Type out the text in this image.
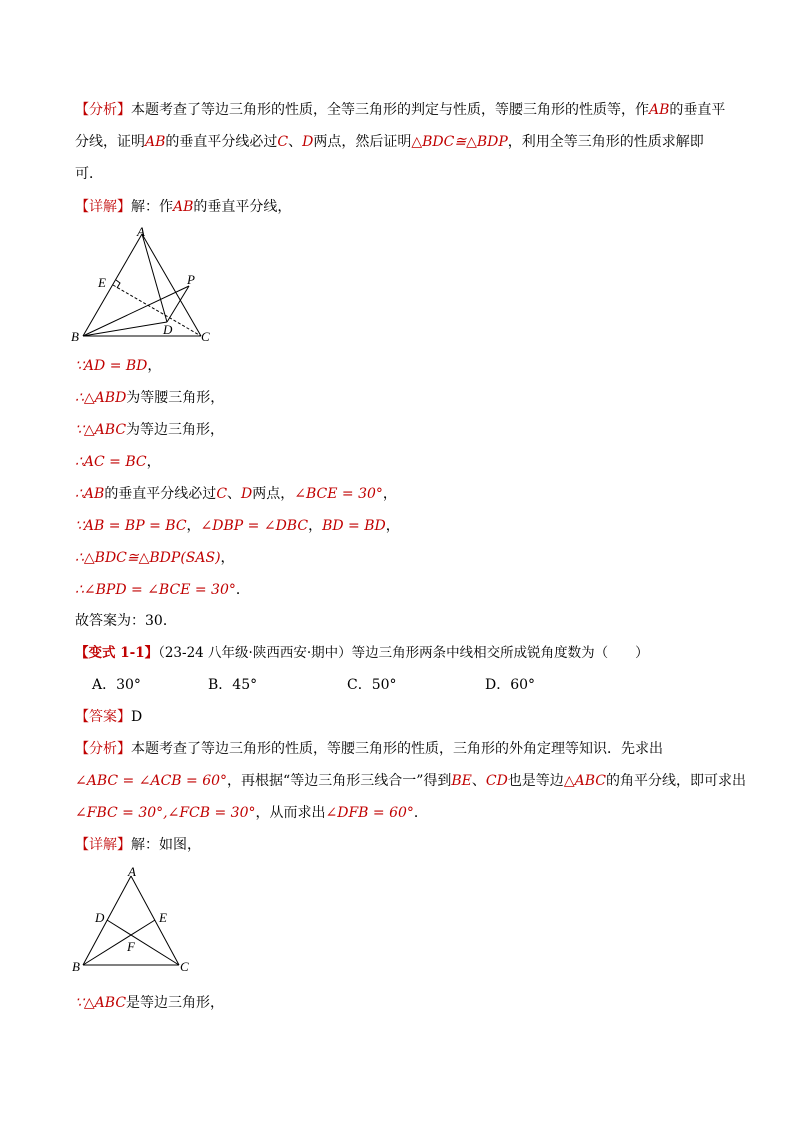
【分析】本题考查了等边三角形的性质，全等三角形的判定与性质，等腰三角形的性质等，作AB的垂直平
分线，证明AB的垂直平分线必过C、D两点，然后证明△BDC≅△BDP，利用全等三角形的性质求解即
可．
【详解】解：作AB的垂直平分线，
A
E	P
B	D C
∵AD = BD，
∴△ABD为等腰三角形，
∵△ABC为等边三角形，
∴AC = BC，
∴AB的垂直平分线必过C、D两点，∠BCE = 30°，
∵AB = BP = BC，∠DBP = ∠DBC，BD = BD，
∴△BDC≅△BDP(SAS)，
∴∠BPD = ∠BCE = 30°．
故答案为：30．
【变式 1-1】（23-24 八年级·陕西西安·期中）等边三角形两条中线相交所成锐角度数为（　　）
A．30°	B．45°	C．50°	D．60°
【答案】D
【分析】本题考查了等边三角形的性质，等腰三角形的性质，三角形的外角定理等知识．先求出
∠ABC = ∠ACB = 60°，再根据“等边三角形三线合一”得到BE、CD也是等边△ABC的角平分线，即可求出
∠FBC = 30°,∠FCB = 30°，从而求出∠DFB = 60°．
【详解】解：如图，
A
D	E
F
B	C
∵△ABC是等边三角形，
